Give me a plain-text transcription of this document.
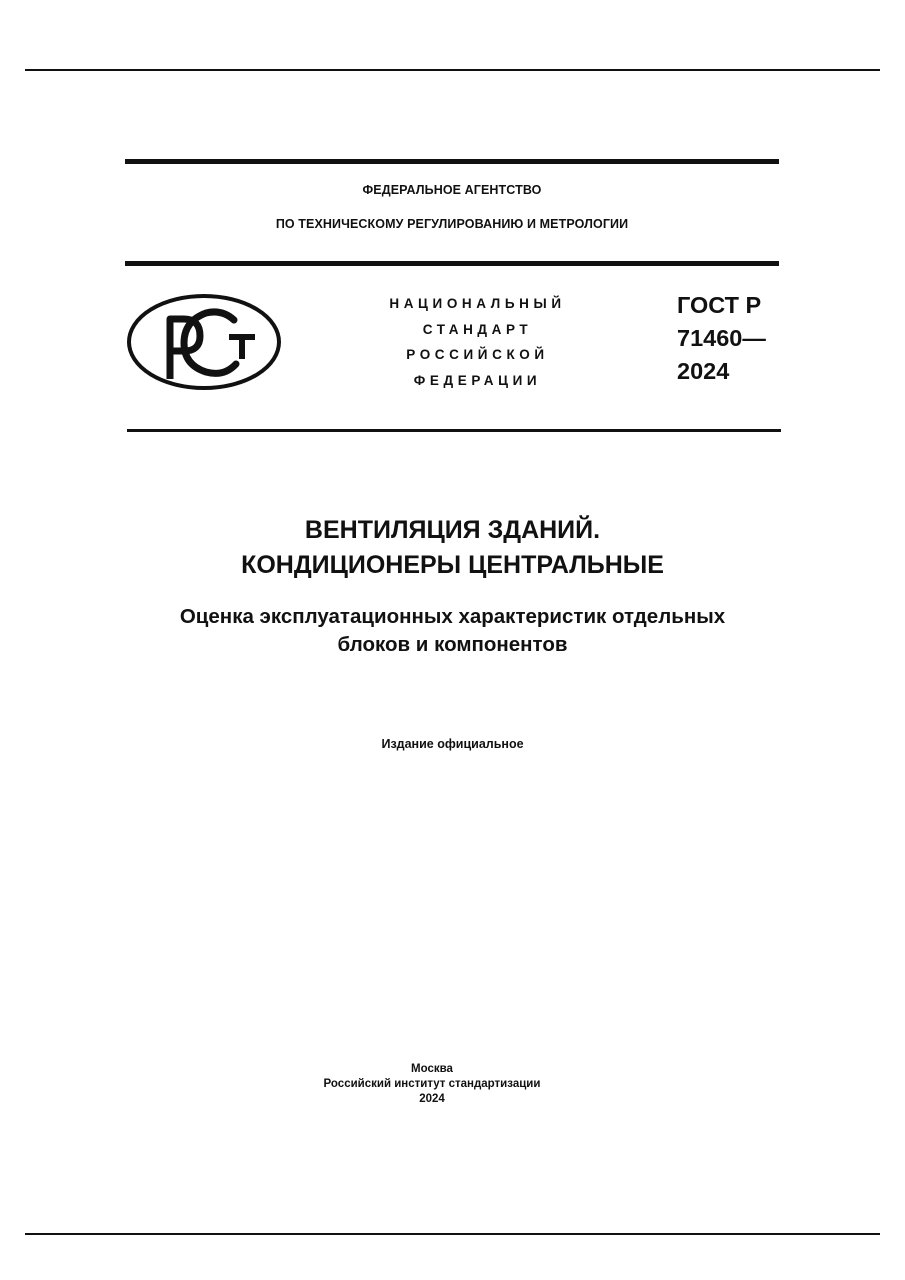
ФЕДЕРАЛЬНОЕ АГЕНТСТВО
ПО ТЕХНИЧЕСКОМУ РЕГУЛИРОВАНИЮ И МЕТРОЛОГИИ
НАЦИОНАЛЬНЫЙ
СТАНДАРТ
РОССИЙСКОЙ
ФЕДЕРАЦИИ
ГОСТ Р
71460—
2024
ВЕНТИЛЯЦИЯ ЗДАНИЙ.
КОНДИЦИОНЕРЫ ЦЕНТРАЛЬНЫЕ
Оценка эксплуатационных характеристик отдельных
блоков и компонентов
Издание официальное
Москва
Российский институт стандартизации
2024
